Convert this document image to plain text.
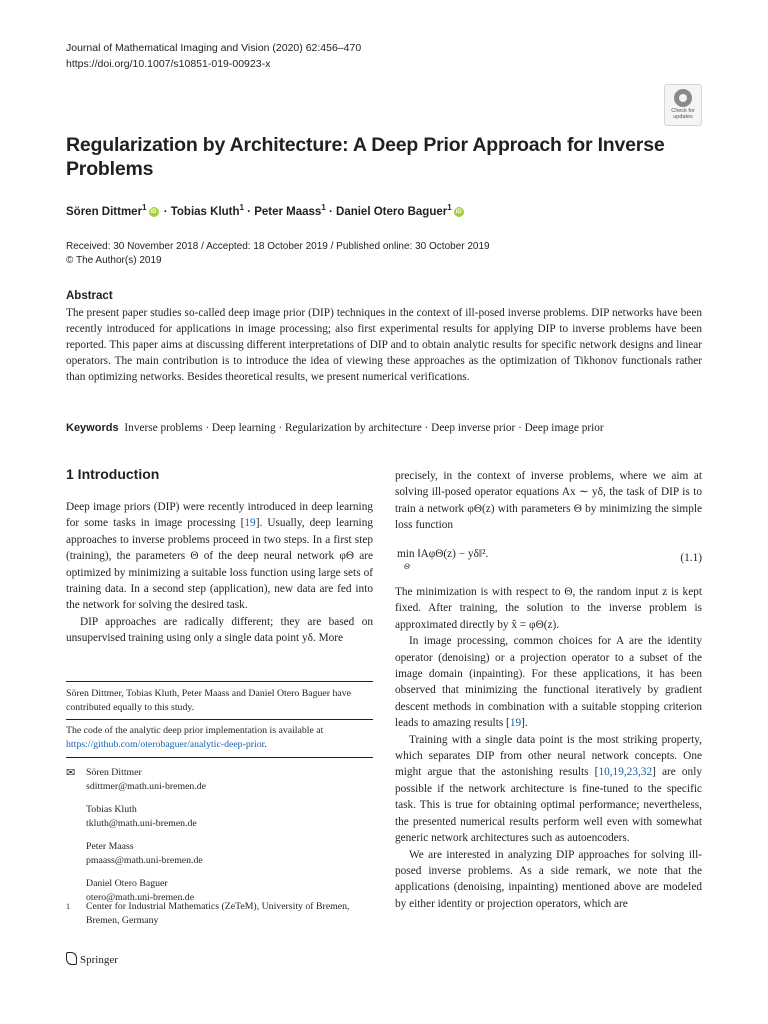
Journal of Mathematical Imaging and Vision (2020) 62:456–470
https://doi.org/10.1007/s10851-019-00923-x
Check for
updates
Regularization by Architecture: A Deep Prior Approach for Inverse Problems
Sören Dittmer$^1$ iD · Tobias Kluth$^1$ · Peter Maass$^1$ · Daniel Otero Baguer$^1$ iD
Received: 30 November 2018 / Accepted: 18 October 2019 / Published online: 30 October 2019
© The Author(s) 2019
Abstract
The present paper studies so-called deep image prior (DIP) techniques in the context of ill-posed inverse problems. DIP networks have been recently introduced for applications in image processing; also first experimental results for applying DIP to inverse problems have been reported. This paper aims at discussing different interpretations of DIP and to obtain analytic results for specific network designs and linear operators. The main contribution is to introduce the idea of viewing these approaches as the optimization of Tikhonov functionals rather than optimizing networks. Besides theoretical results, we present numerical verifications.
Keywords Inverse problems · Deep learning · Regularization by architecture · Deep inverse prior · Deep image prior
1 Introduction

Deep image priors (DIP) were recently introduced in deep learning for some tasks in image processing [19]. Usually, deep learning approaches to inverse problems proceed in two steps. In a first step (training), the parameters Θ of the deep neural network φΘ are optimized by minimizing a suitable loss function using large sets of training data. In a second step (application), new data are fed into the network for solving the desired task.

DIP approaches are radically different; they are based on unsupervised training using only a single data point yδ. More

Sören Dittmer, Tobias Kluth, Peter Maass and Daniel Otero Baguer have contributed equally to this study.
The code of the analytic deep prior implementation is available at https://github.com/oterobaguer/analytic-deep-prior.
✉ Sören Dittmer
sdittmer@math.uni-bremen.de
Tobias Kluth
tkluth@math.uni-bremen.de
Peter Maass
pmaass@math.uni-bremen.de
Daniel Otero Baguer
otero@math.uni-bremen.de
1 Center for Industrial Mathematics (ZeTeM), University of Bremen, Bremen, Germany

precisely, in the context of inverse problems, where we aim at solving ill-posed operator equations Ax ∼ yδ, the task of DIP is to train a network φΘ(z) with parameters Θ by minimizing the simple loss function

min ‖AφΘ(z) − yδ‖².
Θ
(1.1)

The minimization is with respect to Θ, the random input z is kept fixed. After training, the solution to the inverse problem is approximated directly by x̂ = φΘ(z).

In image processing, common choices for A are the identity operator (denoising) or a projection operator to a subset of the image domain (inpainting). For these applications, it has been observed that minimizing the functional iteratively by gradient descent methods in combination with a suitable stopping criterion leads to amazing results [19].

Training with a single data point is the most striking property, which separates DIP from other neural network concepts. One might argue that the astonishing results [10,19,23,32] are only possible if the network architecture is fine-tuned to the specific task. This is true for obtaining optimal performance; nevertheless, the presented numerical results perform well even with somewhat generic network architectures such as autoencoders.

We are interested in analyzing DIP approaches for solving ill-posed inverse problems. As a side remark, we note that the applications (denoising, inpainting) mentioned above are modeled by either identity or projection operators, which are

Springer
